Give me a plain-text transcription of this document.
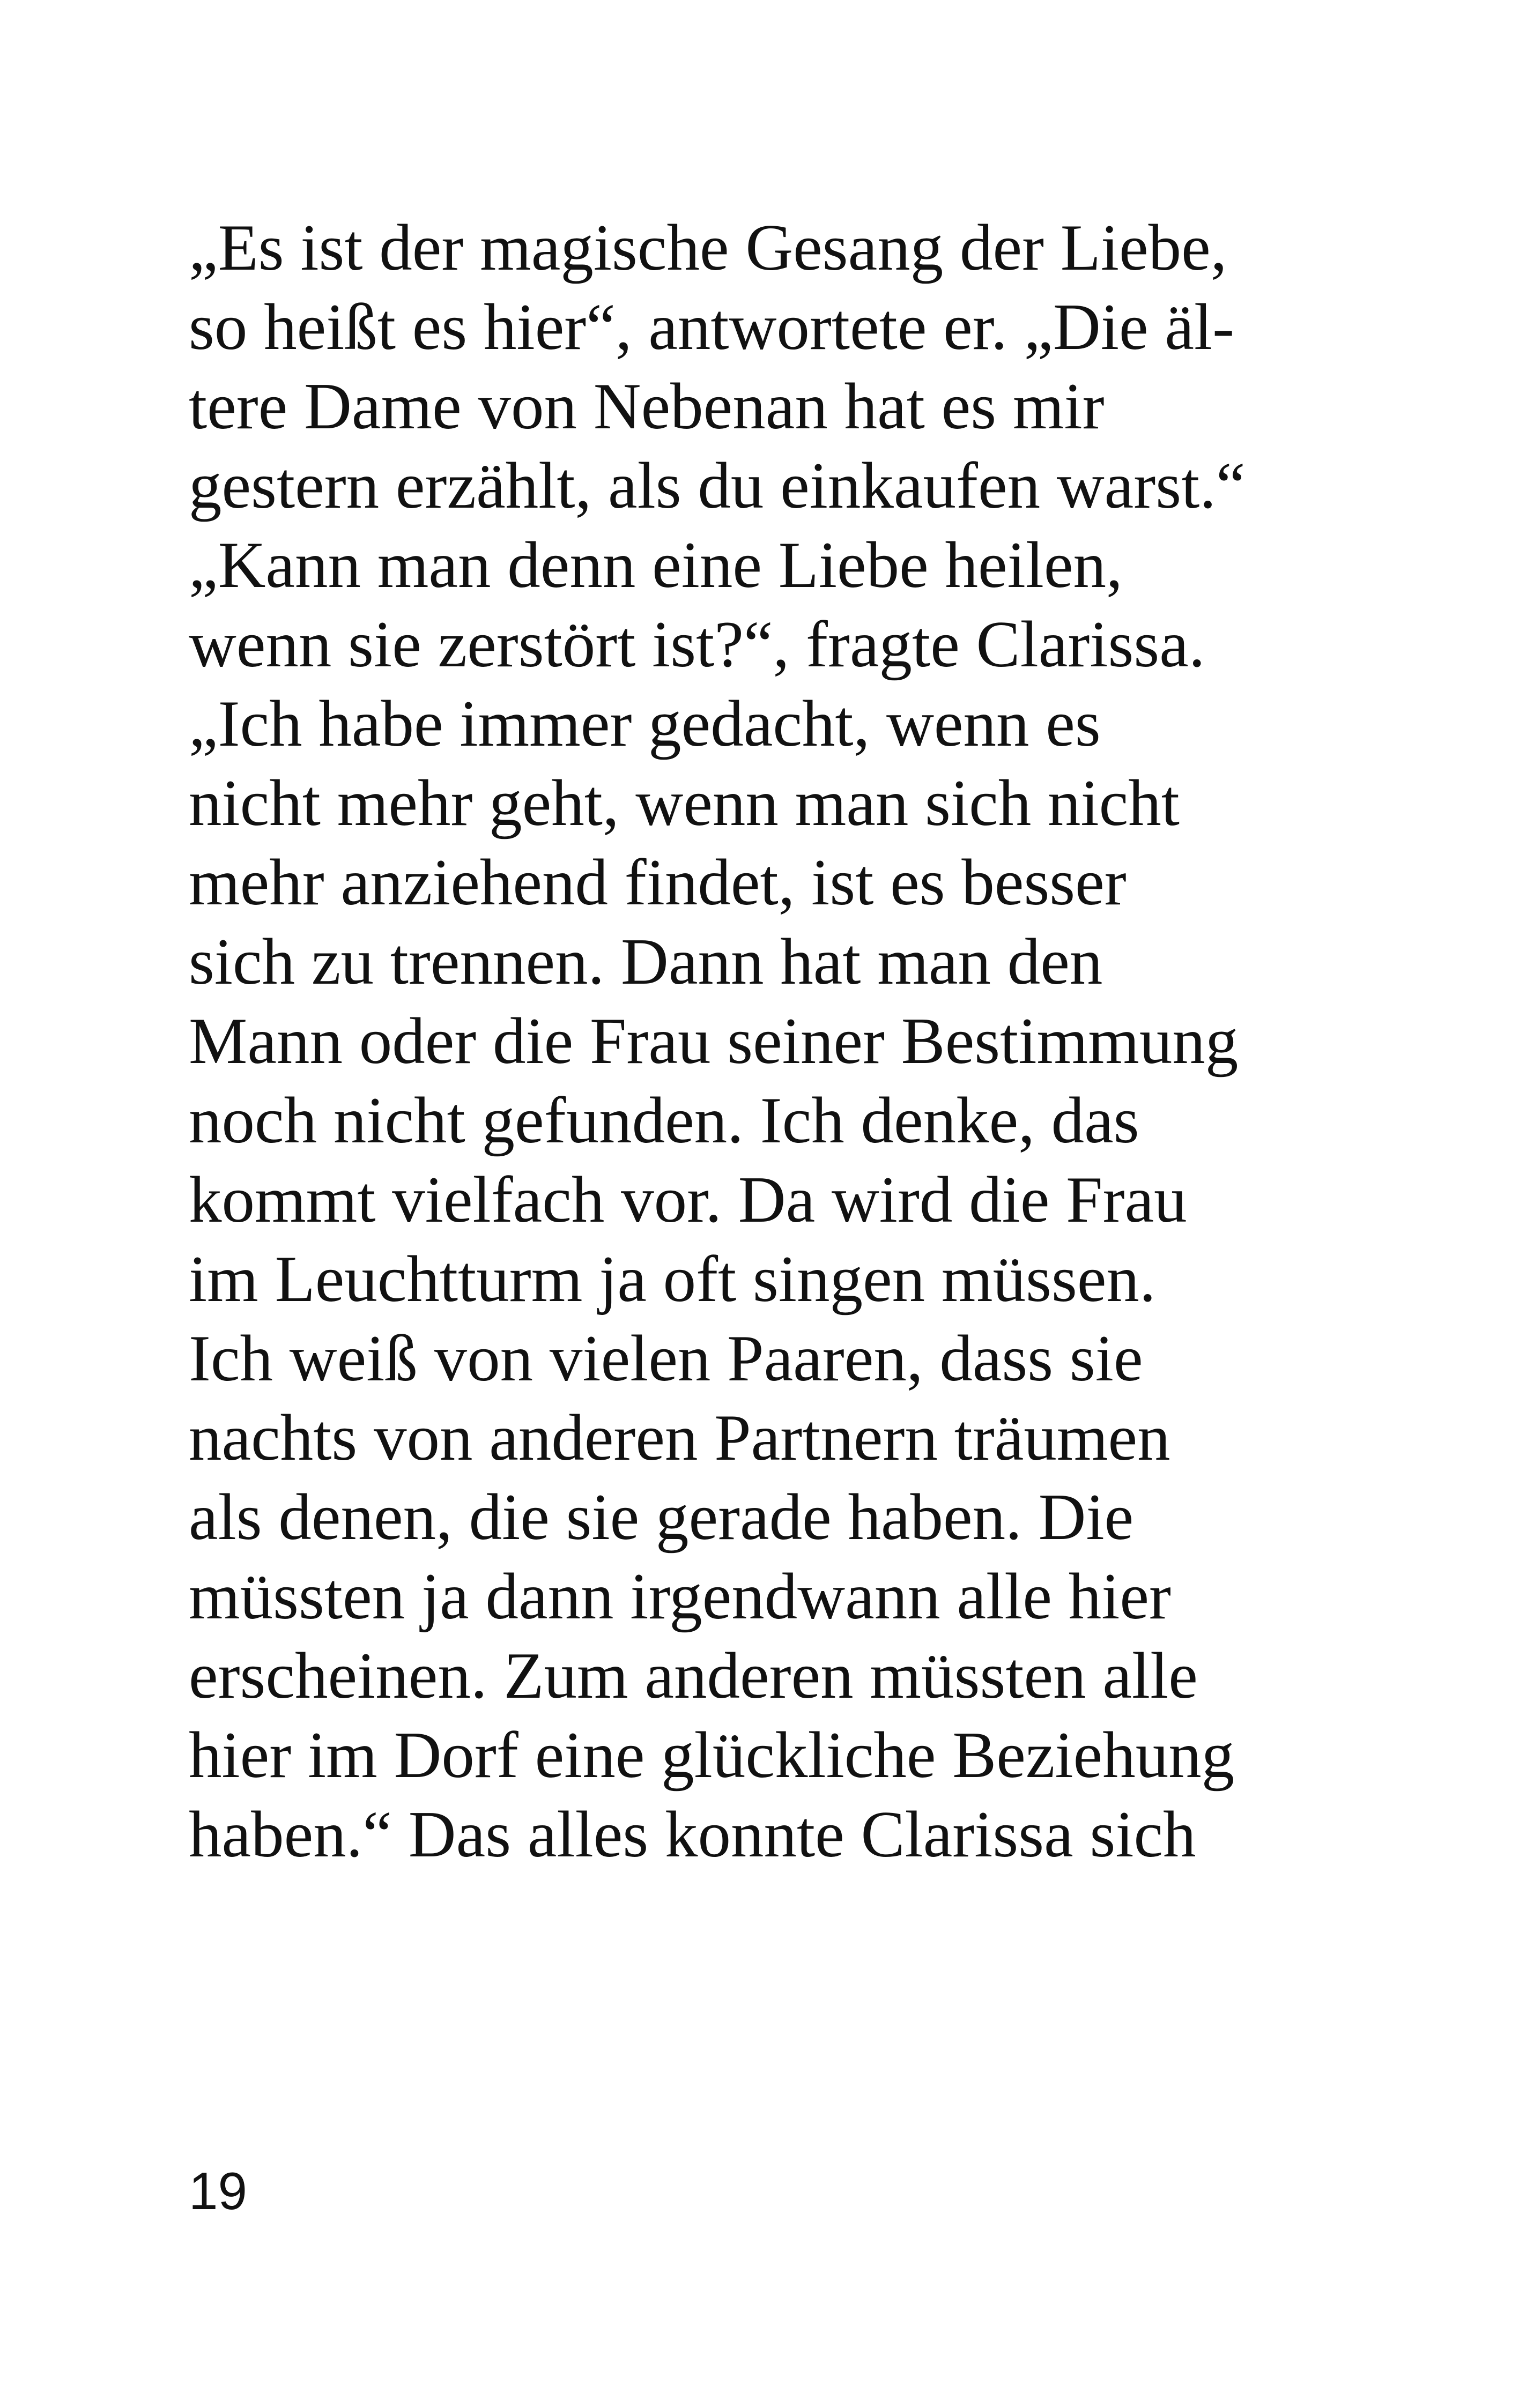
„Es ist der magische Gesang der Liebe,
so heißt es hier“, antwortete er. „Die äl-
tere Dame von Nebenan hat es mir
gestern erzählt, als du einkaufen warst.“
„Kann man denn eine Liebe heilen,
wenn sie zerstört ist?“, fragte Clarissa.
„Ich habe immer gedacht, wenn es
nicht mehr geht, wenn man sich nicht
mehr anziehend findet, ist es besser
sich zu trennen. Dann hat man den
Mann oder die Frau seiner Bestimmung
noch nicht gefunden. Ich denke, das
kommt vielfach vor. Da wird die Frau
im Leuchtturm ja oft singen müssen.
Ich weiß von vielen Paaren, dass sie
nachts von anderen Partnern träumen
als denen, die sie gerade haben. Die
müssten ja dann irgendwann alle hier
erscheinen. Zum anderen müssten alle
hier im Dorf eine glückliche Beziehung
haben.“ Das alles konnte Clarissa sich
19
